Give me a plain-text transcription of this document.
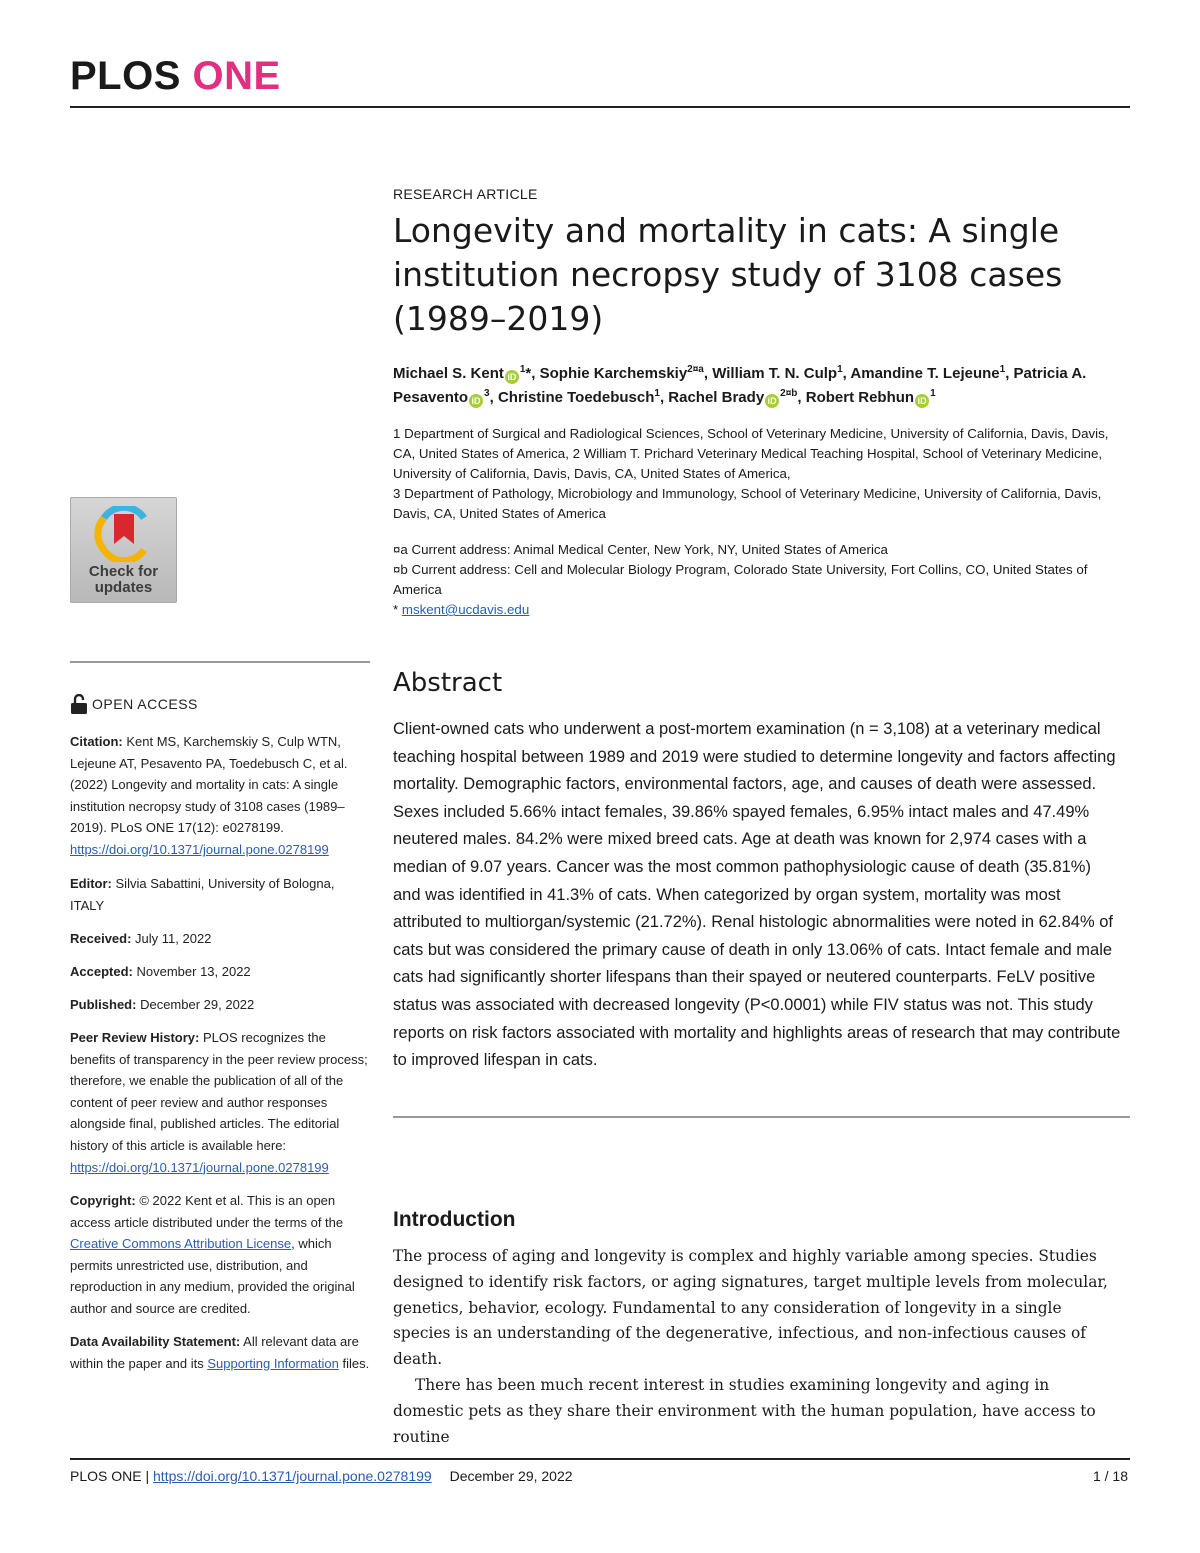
PLOS ONE
Check for
updates
OPEN ACCESS
Citation: Kent MS, Karchemskiy S, Culp WTN, Lejeune AT, Pesavento PA, Toedebusch C, et al. (2022) Longevity and mortality in cats: A single institution necropsy study of 3108 cases (1989–2019). PLoS ONE 17(12): e0278199. https://doi.org/10.1371/journal.pone.0278199
Editor: Silvia Sabattini, University of Bologna, ITALY
Received: July 11, 2022
Accepted: November 13, 2022
Published: December 29, 2022
Peer Review History: PLOS recognizes the benefits of transparency in the peer review process; therefore, we enable the publication of all of the content of peer review and author responses alongside final, published articles. The editorial history of this article is available here: https://doi.org/10.1371/journal.pone.0278199
Copyright: © 2022 Kent et al. This is an open access article distributed under the terms of the Creative Commons Attribution License, which permits unrestricted use, distribution, and reproduction in any medium, provided the original author and source are credited.
Data Availability Statement: All relevant data are within the paper and its Supporting Information files.
RESEARCH ARTICLE
Longevity and mortality in cats: A single institution necropsy study of 3108 cases (1989–2019)
Michael S. Kent $iD^1*$, Sophie Karchemskiy$^{2¤a}$, William T. N. Culp$^1$, Amandine T. Lejeune$^1$, Patricia A. Pesavento $iD^3$, Christine Toedebusch$^1$, Rachel Brady $iD^{2¤b}$, Robert Rebhun $iD^1$
1 Department of Surgical and Radiological Sciences, School of Veterinary Medicine, University of California, Davis, Davis, CA, United States of America, 2 William T. Prichard Veterinary Medical Teaching Hospital, School of Veterinary Medicine, University of California, Davis, Davis, CA, United States of America,
3 Department of Pathology, Microbiology and Immunology, School of Veterinary Medicine, University of California, Davis, Davis, CA, United States of America
¤a Current address: Animal Medical Center, New York, NY, United States of America
¤b Current address: Cell and Molecular Biology Program, Colorado State University, Fort Collins, CO, United States of America
* mskent@ucdavis.edu
Abstract
Client-owned cats who underwent a post-mortem examination (n = 3,108) at a veterinary medical teaching hospital between 1989 and 2019 were studied to determine longevity and factors affecting mortality. Demographic factors, environmental factors, age, and causes of death were assessed. Sexes included 5.66% intact females, 39.86% spayed females, 6.95% intact males and 47.49% neutered males. 84.2% were mixed breed cats. Age at death was known for 2,974 cases with a median of 9.07 years. Cancer was the most common pathophysiologic cause of death (35.81%) and was identified in 41.3% of cats. When categorized by organ system, mortality was most attributed to multiorgan/systemic (21.72%). Renal histologic abnormalities were noted in 62.84% of cats but was considered the primary cause of death in only 13.06% of cats. Intact female and male cats had significantly shorter lifespans than their spayed or neutered counterparts. FeLV positive status was associated with decreased longevity (P<0.0001) while FIV status was not. This study reports on risk factors associated with mortality and highlights areas of research that may contribute to improved lifespan in cats.
Introduction

The process of aging and longevity is complex and highly variable among species. Studies designed to identify risk factors, or aging signatures, target multiple levels from molecular, genetics, behavior, ecology. Fundamental to any consideration of longevity in a single species is an understanding of the degenerative, infectious, and non-infectious causes of death.

There has been much recent interest in studies examining longevity and aging in domestic pets as they share their environment with the human population, have access to routine

PLOS ONE | https://doi.org/10.1371/journal.pone.0278199 December 29, 2022	1 / 18
